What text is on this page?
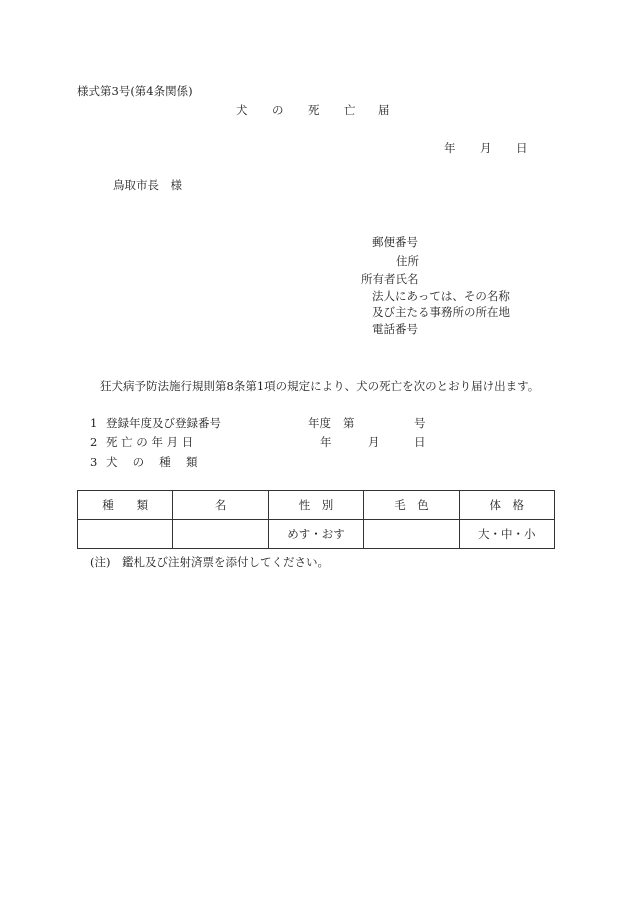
様式第3号(第4条関係)
犬 の 死 亡 届
年 月 日
鳥取市長　様
郵便番号
住所
所有者氏名
法人にあっては、その名称
及び主たる事務所の所在地
電話番号
狂犬病予防法施行規則第8条第1項の規定により、犬の死亡を次のとおり届け出ます。
1 登録年度及び登録番号	年度 第	号
2 死 亡 の 年 月 日	年	月	日
3 犬　 の　 種　 類
種　　類	名	性　別	毛　色	体　格
		めす・おす		大・中・小
(注)　鑑札及び注射済票を添付してください。
